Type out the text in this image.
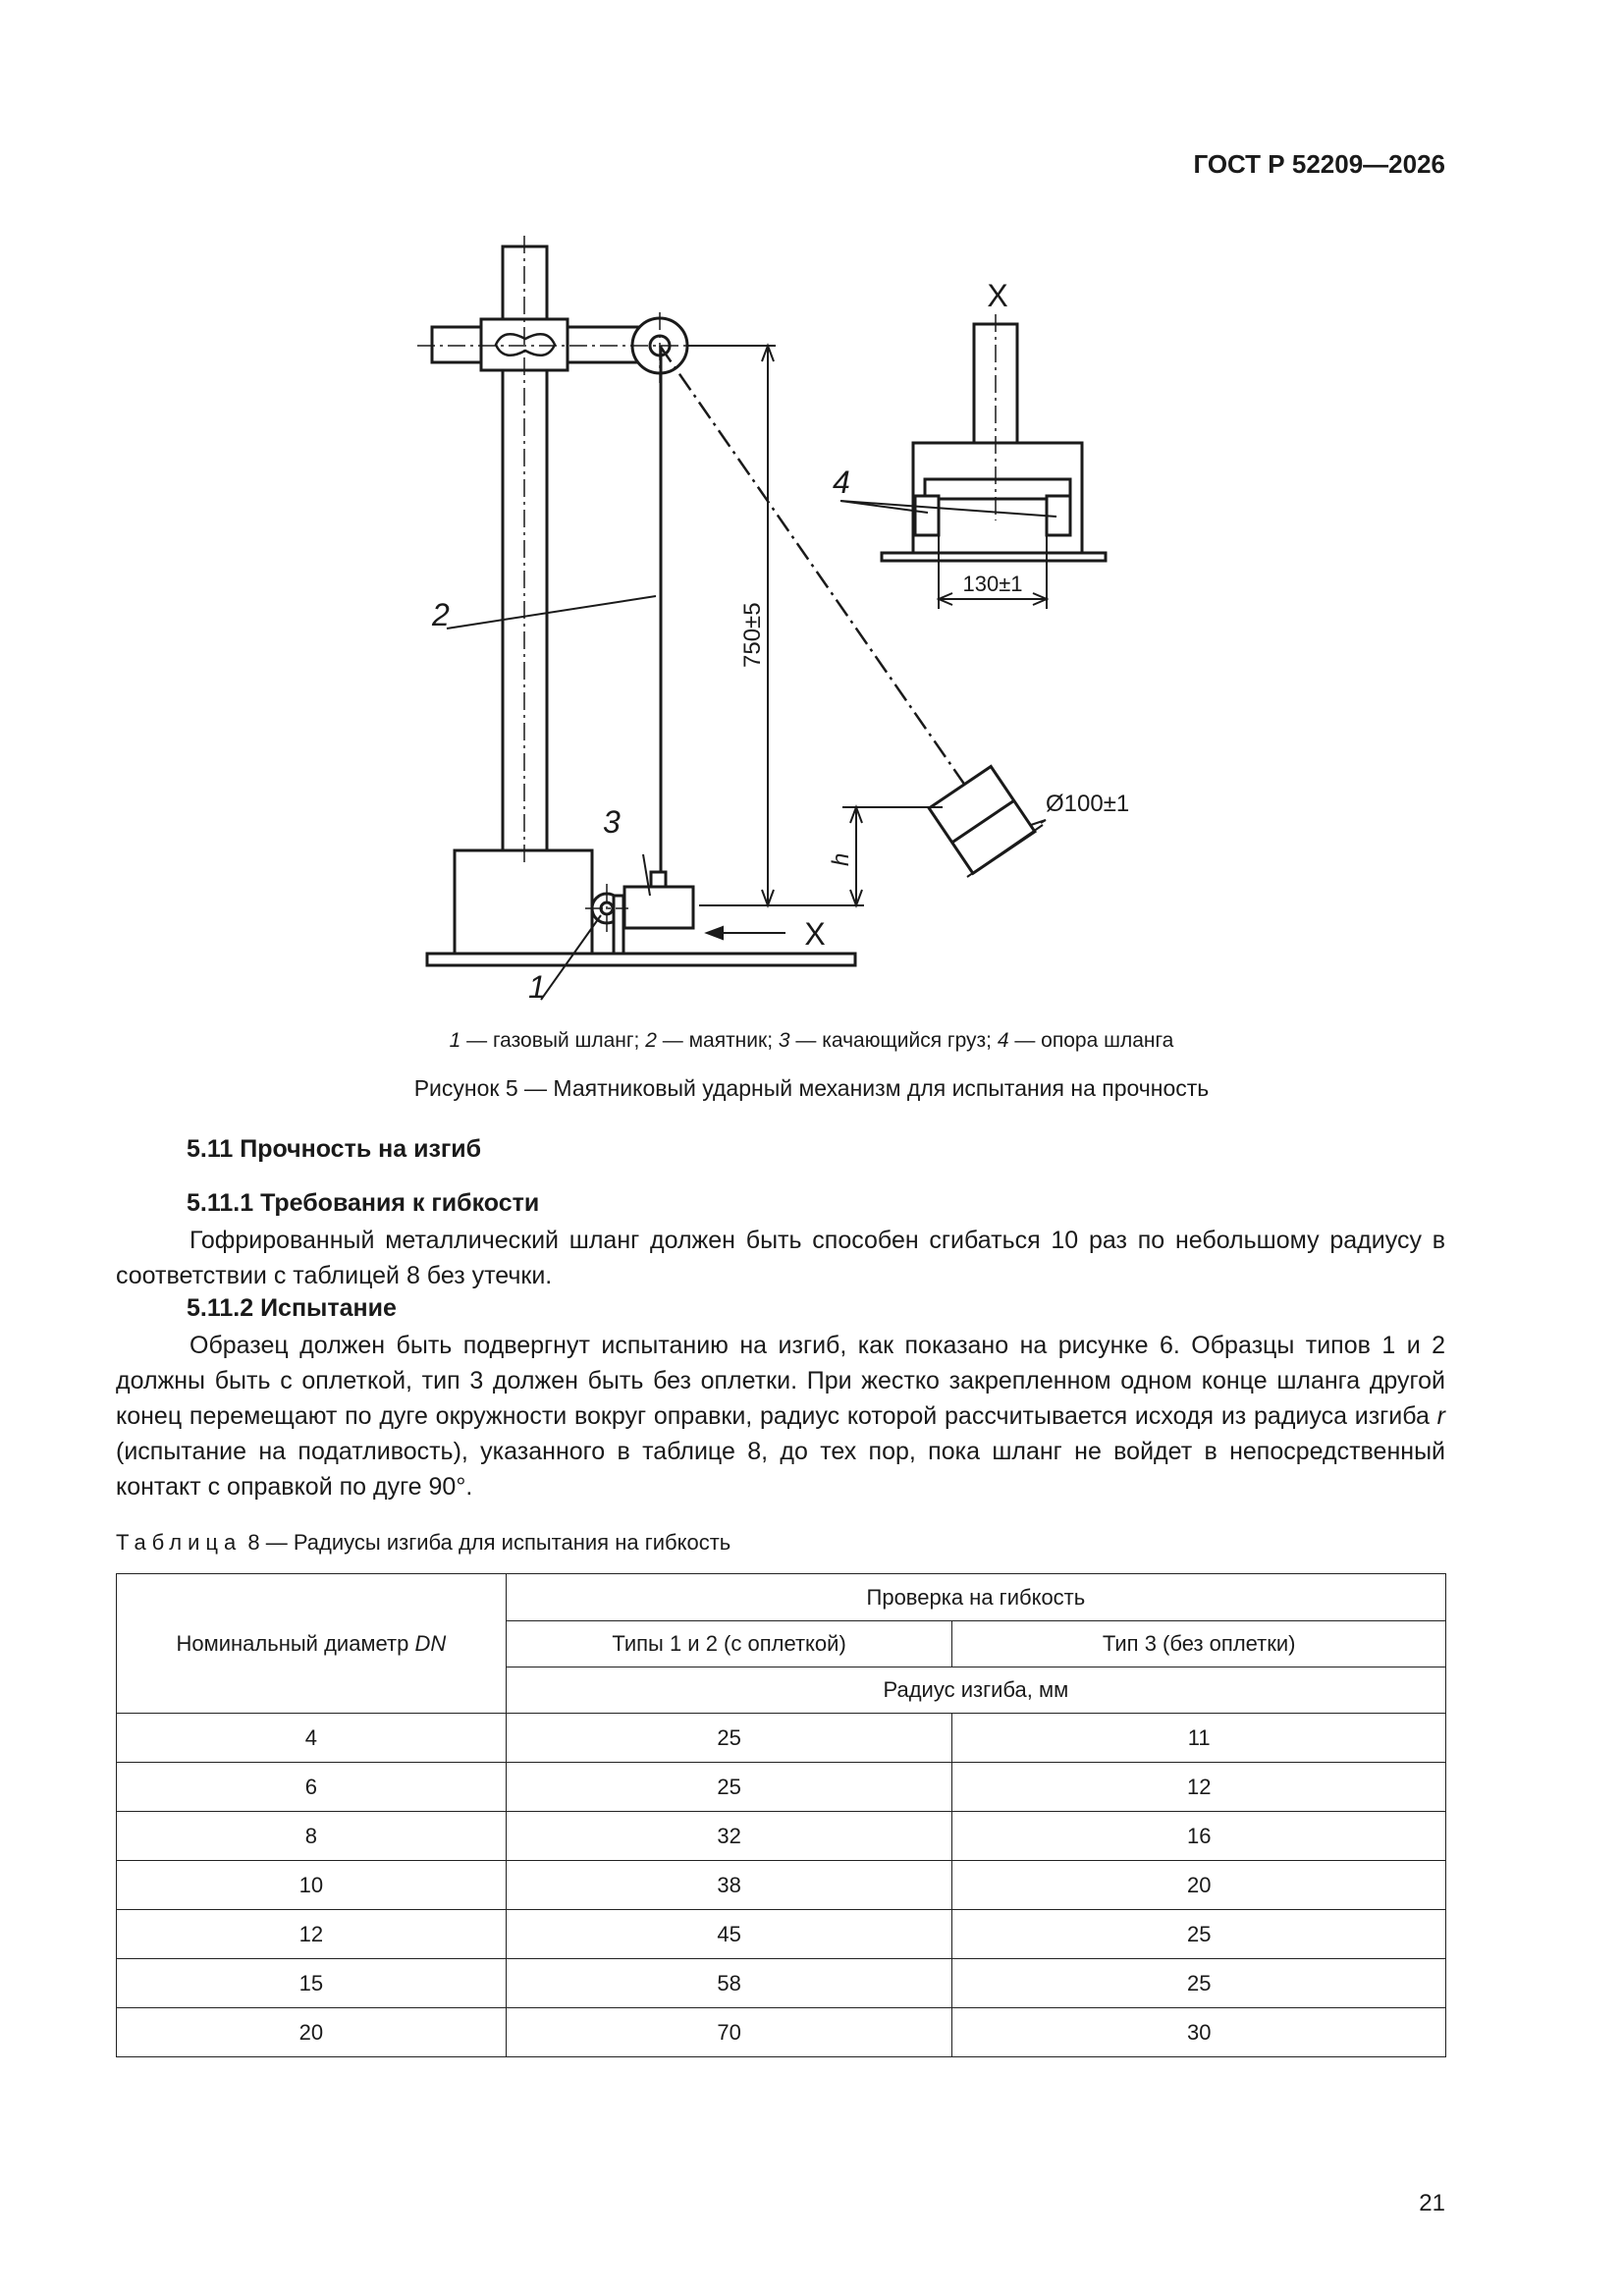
ГОСТ Р 52209—2026
X
X
1
2
3
4
750±5
h
130±1
Ø100±1
1 — газовый шланг; 2 — маятник; 3 — качающийся груз; 4 — опора шланга
Рисунок 5 — Маятниковый ударный механизм для испытания на прочность
5.11 Прочность на изгиб
5.11.1 Требования к гибкости
Гофрированный металлический шланг должен быть способен сгибаться 10 раз по небольшому радиусу в соответствии с таблицей 8 без утечки.
5.11.2 Испытание
Образец должен быть подвергнут испытанию на изгиб, как показано на рисунке 6. Образцы типов 1 и 2 должны быть с оплеткой, тип 3 должен быть без оплетки. При жестко закрепленном одном конце шланга другой конец перемещают по дуге окружности вокруг оправки, радиус которой рассчитывается исходя из радиуса изгиба r (испытание на податливость), указанного в таблице 8, до тех пор, пока шланг не войдет в непосредственный контакт с оправкой по дуге 90°.
Таблица 8 — Радиусы изгиба для испытания на гибкость
Номинальный диаметр DN	Проверка на гибкость	
	Типы 1 и 2 (с оплеткой)	Тип 3 (без оплетки)
	Радиус изгиба, мм	
4	25	11
6	25	12
8	32	16
10	38	20
12	45	25
15	58	25
20	70	30
21
